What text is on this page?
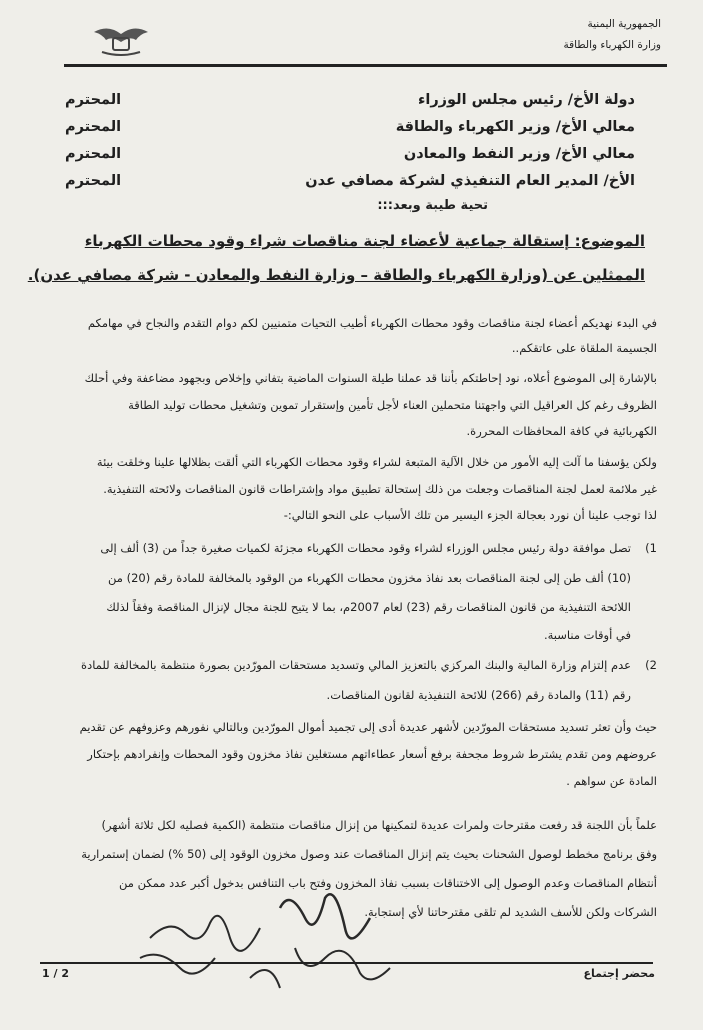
الجمهورية اليمنية
وزارة الكهرباء والطاقة
دولة الأخ/ رئيس مجلس الوزراء
المحترم
معالي الأخ/ وزير الكهرباء والطاقة
المحترم
معالي الأخ/ وزير النفط والمعادن
المحترم
الأخ/ المدير العام التنفيذي لشركة مصافي عدن
المحترم
تحية طيبة وبعد:::
الموضوع: إستقالة جماعية لأعضاء لجنة مناقصات شراء وقود محطات الكهرباء
الممثلين عن (وزارة الكهرباء والطاقة – وزارة النفط والمعادن - شركة مصافي عدن).
في البدء نهديكم أعضاء لجنة مناقصات وقود محطات الكهرباء أطيب التحيات متمنيين لكم دوام التقدم والنجاح في مهامكم
الجسيمة الملقاة على عاتقكم..
بالإشارة إلى الموضوع أعلاه، نود إحاطتكم بأننا قد عملنا طيلة السنوات الماضية بتفاني وإخلاص وبجهود مضاعفة وفي أحلك
الظروف رغم كل العراقيل التي واجهتنا متحملين العناء لأجل تأمين وإستقرار تموين وتشغيل محطات توليد الطاقة
الكهربائية في كافة المحافظات المحررة.
ولكن يؤسفنا ما آلت إليه الأمور من خلال الآلية المتبعة لشراء وقود محطات الكهرباء التي ألقت بظلالها علينا وخلقت بيئة
غير ملائمة لعمل لجنة المناقصات وجعلت من ذلك إستحالة تطبيق مواد وإشتراطات قانون المناقصات ولائحته التنفيذية.
لذا توجب علينا أن نورد بعجالة الجزء اليسير من تلك الأسباب على النحو التالي:-
1)
تصل موافقة دولة رئيس مجلس الوزراء لشراء وقود محطات الكهرباء مجزئة لكميات صغيرة جداً من (3) ألف إلى
(10) ألف طن إلى لجنة المناقصات بعد نفاذ مخزون محطات الكهرباء من الوقود بالمخالفة للمادة رقم (20) من
اللائحة التنفيذية من قانون المناقصات رقم (23) لعام 2007م، بما لا يتيح للجنة مجال لإنزال المناقصة وفقاً لذلك
في أوقات مناسبة.
2)
عدم إلتزام وزارة المالية والبنك المركزي بالتعزيز المالي وتسديد مستحقات المورّدين بصورة منتظمة بالمخالفة للمادة
رقم (11) والمادة رقم (266) للائحة التنفيذية لقانون المناقصات.
حيث وأن تعثر تسديد مستحقات المورّدين لأشهر عديدة أدى إلى تجميد أموال المورّدين وبالتالي نفورهم وعزوفهم عن تقديم
عروضهم ومن تقدم يشترط شروط مجحفة برفع أسعار عطاءاتهم مستغلين نفاذ مخزون وقود المحطات وإنفرادهم بإحتكار
المادة عن سواهم .
علماً بأن اللجنة قد رفعت مقترحات ولمرات عديدة لتمكينها من إنزال مناقصات منتظمة (الكمية فصليه لكل ثلاثة أشهر)
وفق برنامج مخطط لوصول الشحنات بحيث يتم إنزال المناقصات عند وصول مخزون الوقود إلى (50 %) لضمان إستمرارية
أنتظام المناقصات وعدم الوصول إلى الاختناقات بسبب نفاذ المخزون وفتح باب التنافس بدخول أكبر عدد ممكن من
الشركات ولكن للأسف الشديد لم تلقى مقترحاتنا لأي إستجابة.
محضر إجتماع
1 / 2
